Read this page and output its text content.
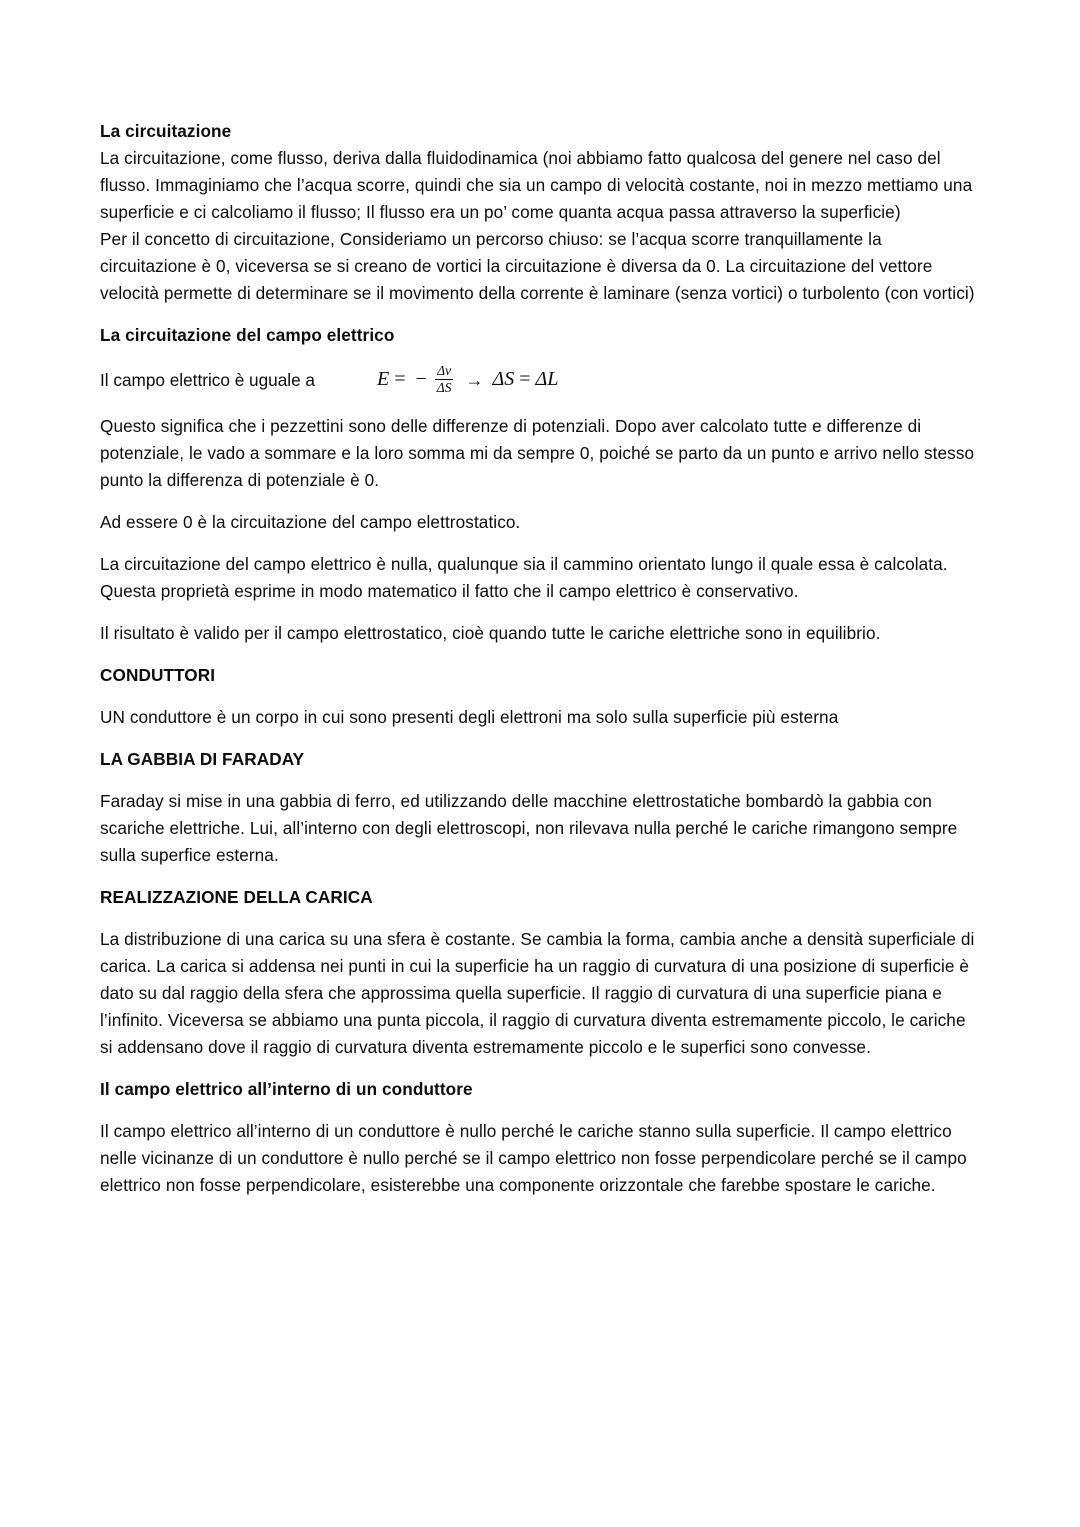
La circuitazione

La circuitazione, come flusso, deriva dalla fluidodinamica (noi abbiamo fatto qualcosa del genere nel caso del flusso. Immaginiamo che l’acqua scorre, quindi che sia un campo di velocità costante, noi in mezzo mettiamo una superficie e ci calcoliamo il flusso; Il flusso era un po’ come quanta acqua passa attraverso la superficie)

Per il concetto di circuitazione, Consideriamo un percorso chiuso: se l’acqua scorre tranquillamente la circuitazione è 0, viceversa se si creano de vortici la circuitazione è diversa da 0. La circuitazione del vettore velocità permette di determinare se il movimento della corrente è laminare (senza vortici) o turbolento (con vortici)

La circuitazione del campo elettrico
Il campo elettrico è uguale a	E = − $\frac{\Delta v}{\Delta S} \to \Delta S = \Delta L$

Questo significa che i pezzettini sono delle differenze di potenziali. Dopo aver calcolato tutte e differenze di potenziale, le vado a sommare e la loro somma mi da sempre 0, poiché se parto da un punto e arrivo nello stesso punto la differenza di potenziale è 0.

Ad essere 0 è la circuitazione del campo elettrostatico.

La circuitazione del campo elettrico è nulla, qualunque sia il cammino orientato lungo il quale essa è calcolata. Questa proprietà esprime in modo matematico il fatto che il campo elettrico è conservativo.

Il risultato è valido per il campo elettrostatico, cioè quando tutte le cariche elettriche sono in equilibrio.

CONDUTTORI

UN conduttore è un corpo in cui sono presenti degli elettroni ma solo sulla superficie più esterna

LA GABBIA DI FARADAY

Faraday si mise in una gabbia di ferro, ed utilizzando delle macchine elettrostatiche bombardò la gabbia con scariche elettriche. Lui, all’interno con degli elettroscopi, non rilevava nulla perché le cariche rimangono sempre sulla superfice esterna.

REALIZZAZIONE DELLA CARICA

La distribuzione di una carica su una sfera è costante. Se cambia la forma, cambia anche a densità superficiale di carica. La carica si addensa nei punti in cui la superficie ha un raggio di curvatura di una posizione di superficie è dato su dal raggio della sfera che approssima quella superficie. Il raggio di curvatura di una superficie piana e l’infinito. Viceversa se abbiamo una punta piccola, il raggio di curvatura diventa estremamente piccolo, le cariche si addensano dove il raggio di curvatura diventa estremamente piccolo e le superfici sono convesse.

Il campo elettrico all’interno di un conduttore

Il campo elettrico all’interno di un conduttore è nullo perché le cariche stanno sulla superficie. Il campo elettrico nelle vicinanze di un conduttore è nullo perché se il campo elettrico non fosse perpendicolare perché se il campo elettrico non fosse perpendicolare, esisterebbe una componente orizzontale che farebbe spostare le cariche.
